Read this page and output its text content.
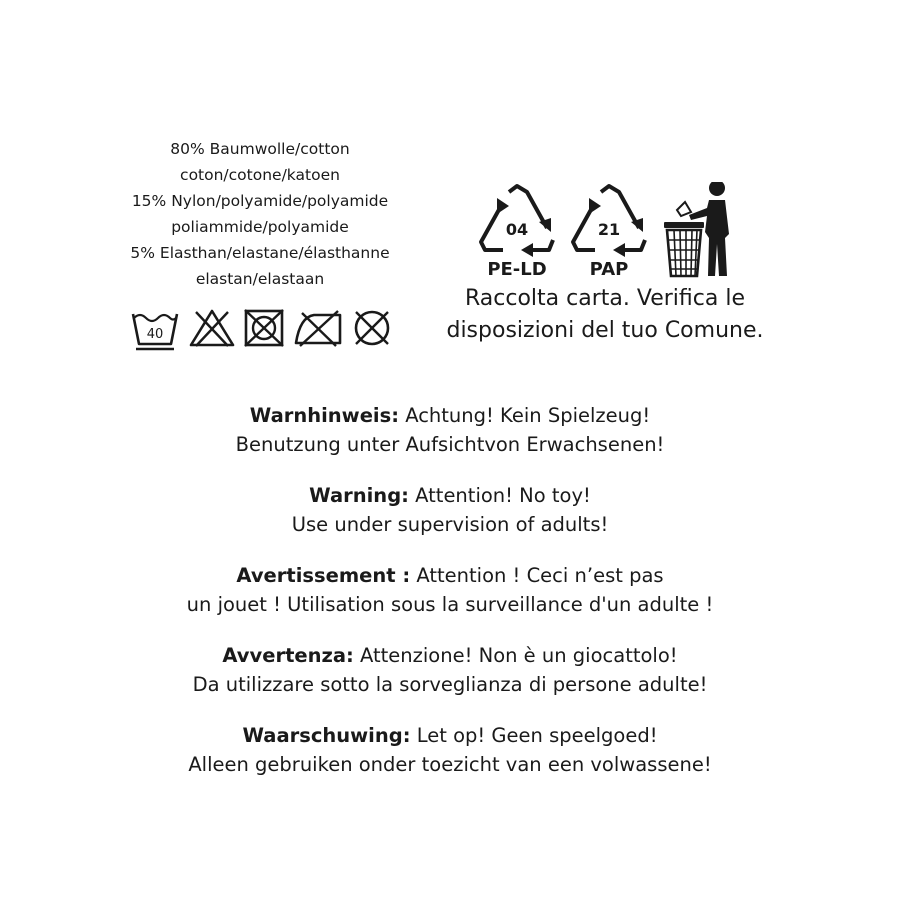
80% Baumwolle/cotton
coton/cotone/katoen
15% Nylon/polyamide/polyamide
poliammide/polyamide
5% Elasthan/elastane/élasthanne
elastan/elastaan
40
04
PE-LD
21
PAP
Raccolta carta. Verifica le
disposizioni del tuo Comune.
Warnhinweis: Achtung! Kein Spielzeug!
Benutzung unter Aufsichtvon Erwachsenen!
Warning: Attention! No toy!
Use under supervision of adults!
Avertissement : Attention ! Ceci n’est pas
un jouet ! Utilisation sous la surveillance d'un adulte !
Avvertenza: Attenzione! Non è un giocattolo!
Da utilizzare sotto la sorveglianza di persone adulte!
Waarschuwing: Let op! Geen speelgoed!
Alleen gebruiken onder toezicht van een volwassene!
